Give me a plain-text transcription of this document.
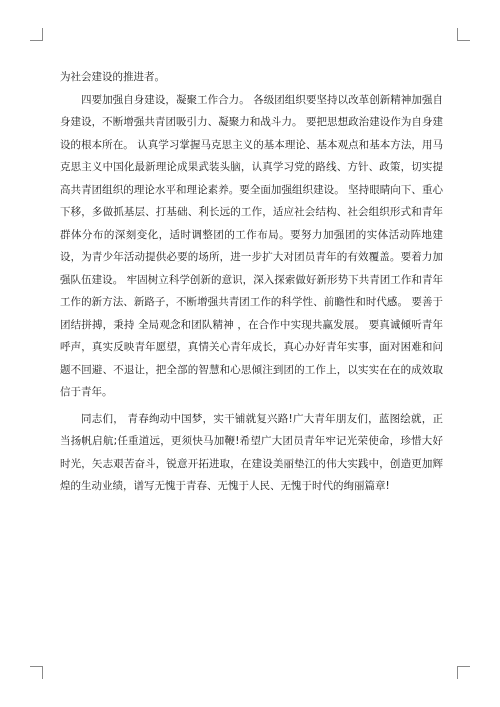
为社会建设的推进者。

四要加强自身建设，凝聚工作合力。 各级团组织要坚持以改革创新精神加强自身建设，不断增强共青团吸引力、凝聚力和战斗力。 要把思想政治建设作为自身建设的根本所在。 认真学习掌握马克思主义的基本理论、基本观点和基本方法，用马克思主义中国化最新理论成果武装头脑，认真学习党的路线、方针、政策，切实提高共青团组织的理论水平和理论素养。要全面加强组织建设。 坚持眼睛向下、重心下移，多做抓基层、打基础、利长远的工作，适应社会结构、社会组织形式和青年群体分布的深刻变化，适时调整团的工作布局。要努力加强团的实体活动阵地建设，为青少年活动提供必要的场所，进一步扩大对团员青年的有效覆盖。要着力加强队伍建设。 牢固树立科学创新的意识，深入探索做好新形势下共青团工作和青年工作的新方法、新路子，不断增强共青团工作的科学性、前瞻性和时代感。 要善于团结拼搏，秉持 全局观念和团队精神 ，在合作中实现共赢发展。 要真诚倾听青年呼声，真实反映青年愿望，真情关心青年成长，真心办好青年实事，面对困难和问题不回避、不退让，把全部的智慧和心思倾注到团的工作上，以实实在在的成效取信于青年。

同志们， 青春绚动中国梦，实干铺就复兴路!广大青年朋友们，蓝图绘就，正当扬帆启航;任重道远，更须快马加鞭!希望广大团员青年牢记光荣使命，珍惜大好时光，矢志艰苦奋斗，锐意开拓进取，在建设美丽垫江的伟大实践中，创造更加辉煌的生动业绩，谱写无愧于青春、无愧于人民、无愧于时代的绚丽篇章!
